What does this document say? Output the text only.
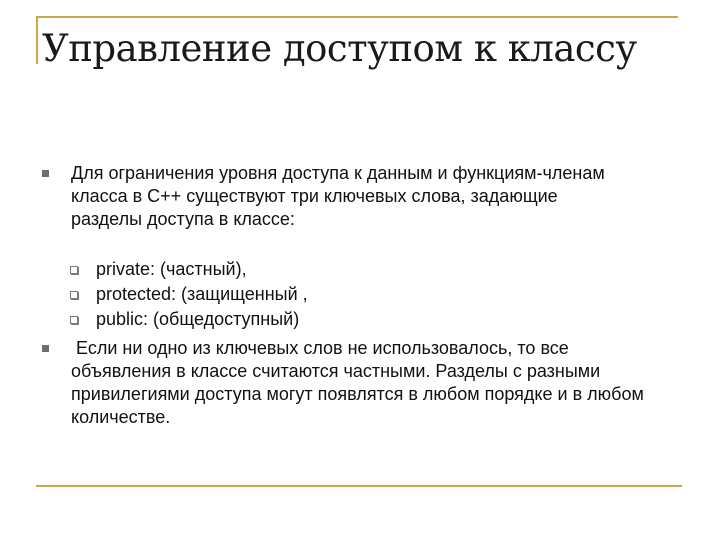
Управление доступом к классу

Для ограничения уровня доступа к данным и функциям-членам класса в C++ существуют три ключевых слова, задающие разделы доступа в классе:

private: (частный),

protected: (защищенный ,

public: (общедоступный)

Если ни одно из ключевых слов не использовалось, то все объявления в классе считаются частными. Разделы с разными привилегиями доступа могут появлятся в любом порядке и в любом количестве.
